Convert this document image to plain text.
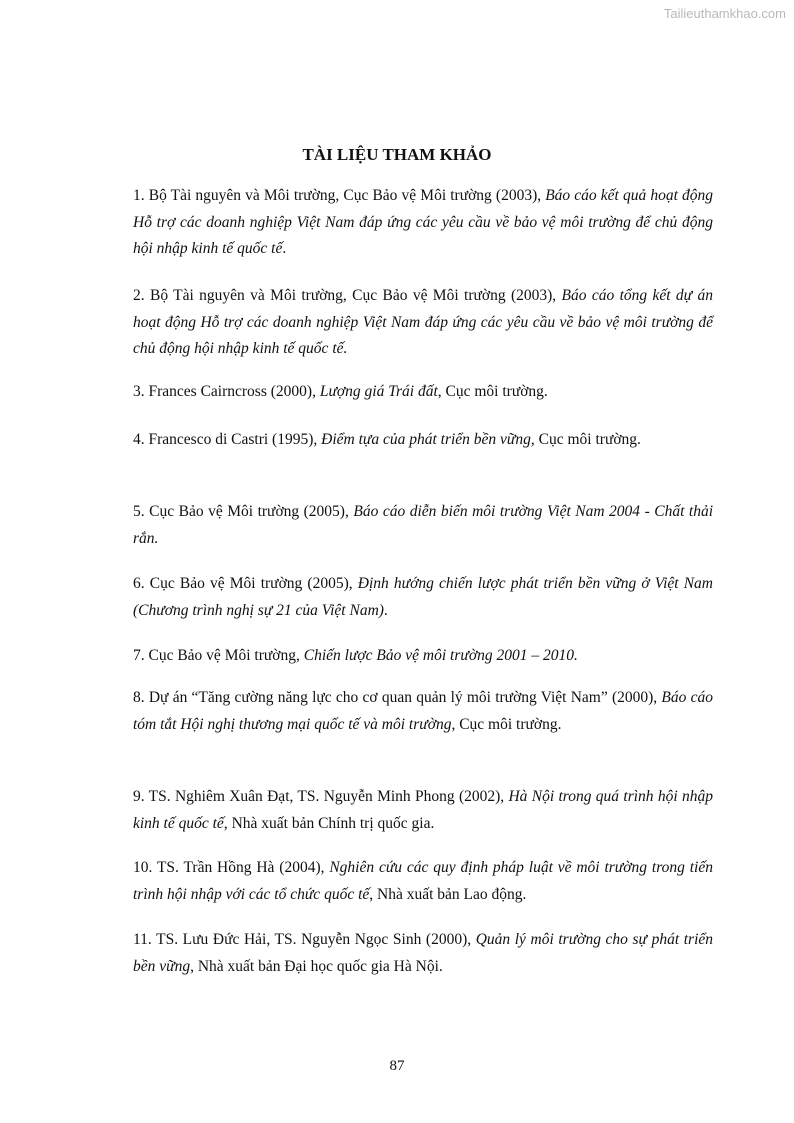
Tailieuthamkhao.com
TÀI LIỆU THAM KHẢO

1. Bộ Tài nguyên và Môi trường, Cục Bảo vệ Môi trường (2003), Báo cáo kết quả hoạt động Hỗ trợ các doanh nghiệp Việt Nam đáp ứng các yêu cầu về bảo vệ môi trường để chủ động hội nhập kinh tế quốc tế.

2. Bộ Tài nguyên và Môi trường, Cục Bảo vệ Môi trường (2003), Báo cáo tổng kết dự án hoạt động Hỗ trợ các doanh nghiệp Việt Nam đáp ứng các yêu cầu về bảo vệ môi trường để chủ động hội nhập kinh tế quốc tế.

3. Frances Cairncross (2000), Lượng giá Trái đất, Cục môi trường.

4. Francesco di Castri (1995), Điểm tựa của phát triển bền vững, Cục môi trường.

5. Cục Bảo vệ Môi trường (2005), Báo cáo diễn biến môi trường Việt Nam 2004 - Chất thải rắn.

6. Cục Bảo vệ Môi trường (2005), Định hướng chiến lược phát triển bền vững ở Việt Nam (Chương trình nghị sự 21 của Việt Nam).

7. Cục Bảo vệ Môi trường, Chiến lược Bảo vệ môi trường 2001 – 2010.

8. Dự án “Tăng cường năng lực cho cơ quan quản lý môi trường Việt Nam” (2000), Báo cáo tóm tắt Hội nghị thương mại quốc tế và môi trường, Cục môi trường.

9. TS. Nghiêm Xuân Đạt, TS. Nguyễn Minh Phong (2002), Hà Nội trong quá trình hội nhập kinh tế quốc tế, Nhà xuất bản Chính trị quốc gia.

10. TS. Trần Hồng Hà (2004), Nghiên cứu các quy định pháp luật về môi trường trong tiến trình hội nhập với các tổ chức quốc tế, Nhà xuất bản Lao động.

11. TS. Lưu Đức Hải, TS. Nguyễn Ngọc Sinh (2000), Quản lý môi trường cho sự phát triển bền vững, Nhà xuất bản Đại học quốc gia Hà Nội.

87
